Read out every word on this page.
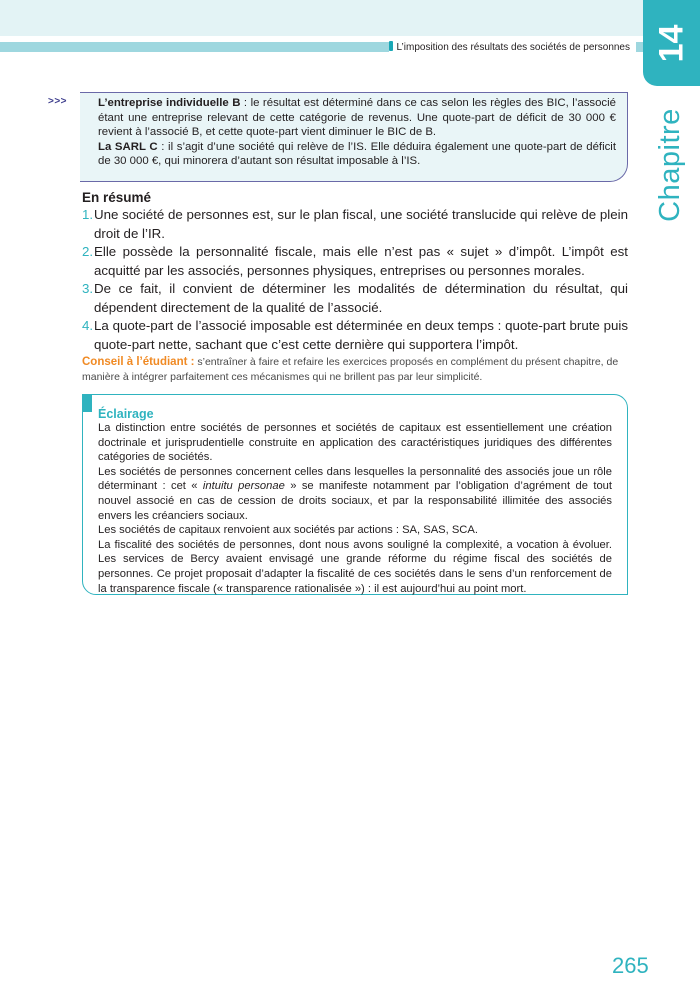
L’imposition des résultats des sociétés de personnes 14
Chapitre
>>>	L’entreprise individuelle B : le résultat est déterminé dans ce cas selon les règles des BIC, l’associé étant une entreprise relevant de cette catégorie de revenus. Une quote-part de déficit de 30 000 € revient à l’associé B, et cette quote-part vient diminuer le BIC de B.
La SARL C : il s’agit d’une société qui relève de l’IS. Elle déduira également une quote-part de déficit de 30 000 €, qui minorera d’autant son résultat imposable à l’IS.
En résumé
1. Une société de personnes est, sur le plan fiscal, une société translucide qui relève de plein droit de l’IR.
2. Elle possède la personnalité fiscale, mais elle n’est pas « sujet » d’impôt. L’impôt est acquitté par les associés, personnes physiques, entreprises ou personnes morales.
3. De ce fait, il convient de déterminer les modalités de détermination du résultat, qui dépendent directement de la qualité de l’associé.
4. La quote-part de l’associé imposable est déterminée en deux temps : quote-part brute puis quote-part nette, sachant que c’est cette dernière qui supportera l’impôt.
Conseil à l’étudiant : s’entraîner à faire et refaire les exercices proposés en complément du présent chapitre, de manière à intégrer parfaitement ces mécanismes qui ne brillent pas par leur simplicité.
Éclairage

La distinction entre sociétés de personnes et sociétés de capitaux est essentiellement une création doctrinale et jurisprudentielle construite en application des caractéristiques juridiques des différentes catégories de sociétés.

Les sociétés de personnes concernent celles dans lesquelles la personnalité des associés joue un rôle déterminant : cet « intuitu personae » se manifeste notamment par l’obligation d’agrément de tout nouvel associé en cas de cession de droits sociaux, et par la responsabilité illimitée des associés envers les créanciers sociaux.

Les sociétés de capitaux renvoient aux sociétés par actions : SA, SAS, SCA.

La fiscalité des sociétés de personnes, dont nous avons souligné la complexité, a vocation à évoluer. Les services de Bercy avaient envisagé une grande réforme du régime fiscal des sociétés de personnes. Ce projet proposait d’adapter la fiscalité de ces sociétés dans le sens d’un renforcement de la transparence fiscale (« transparence rationalisée ») : il est aujourd’hui au point mort.

265
